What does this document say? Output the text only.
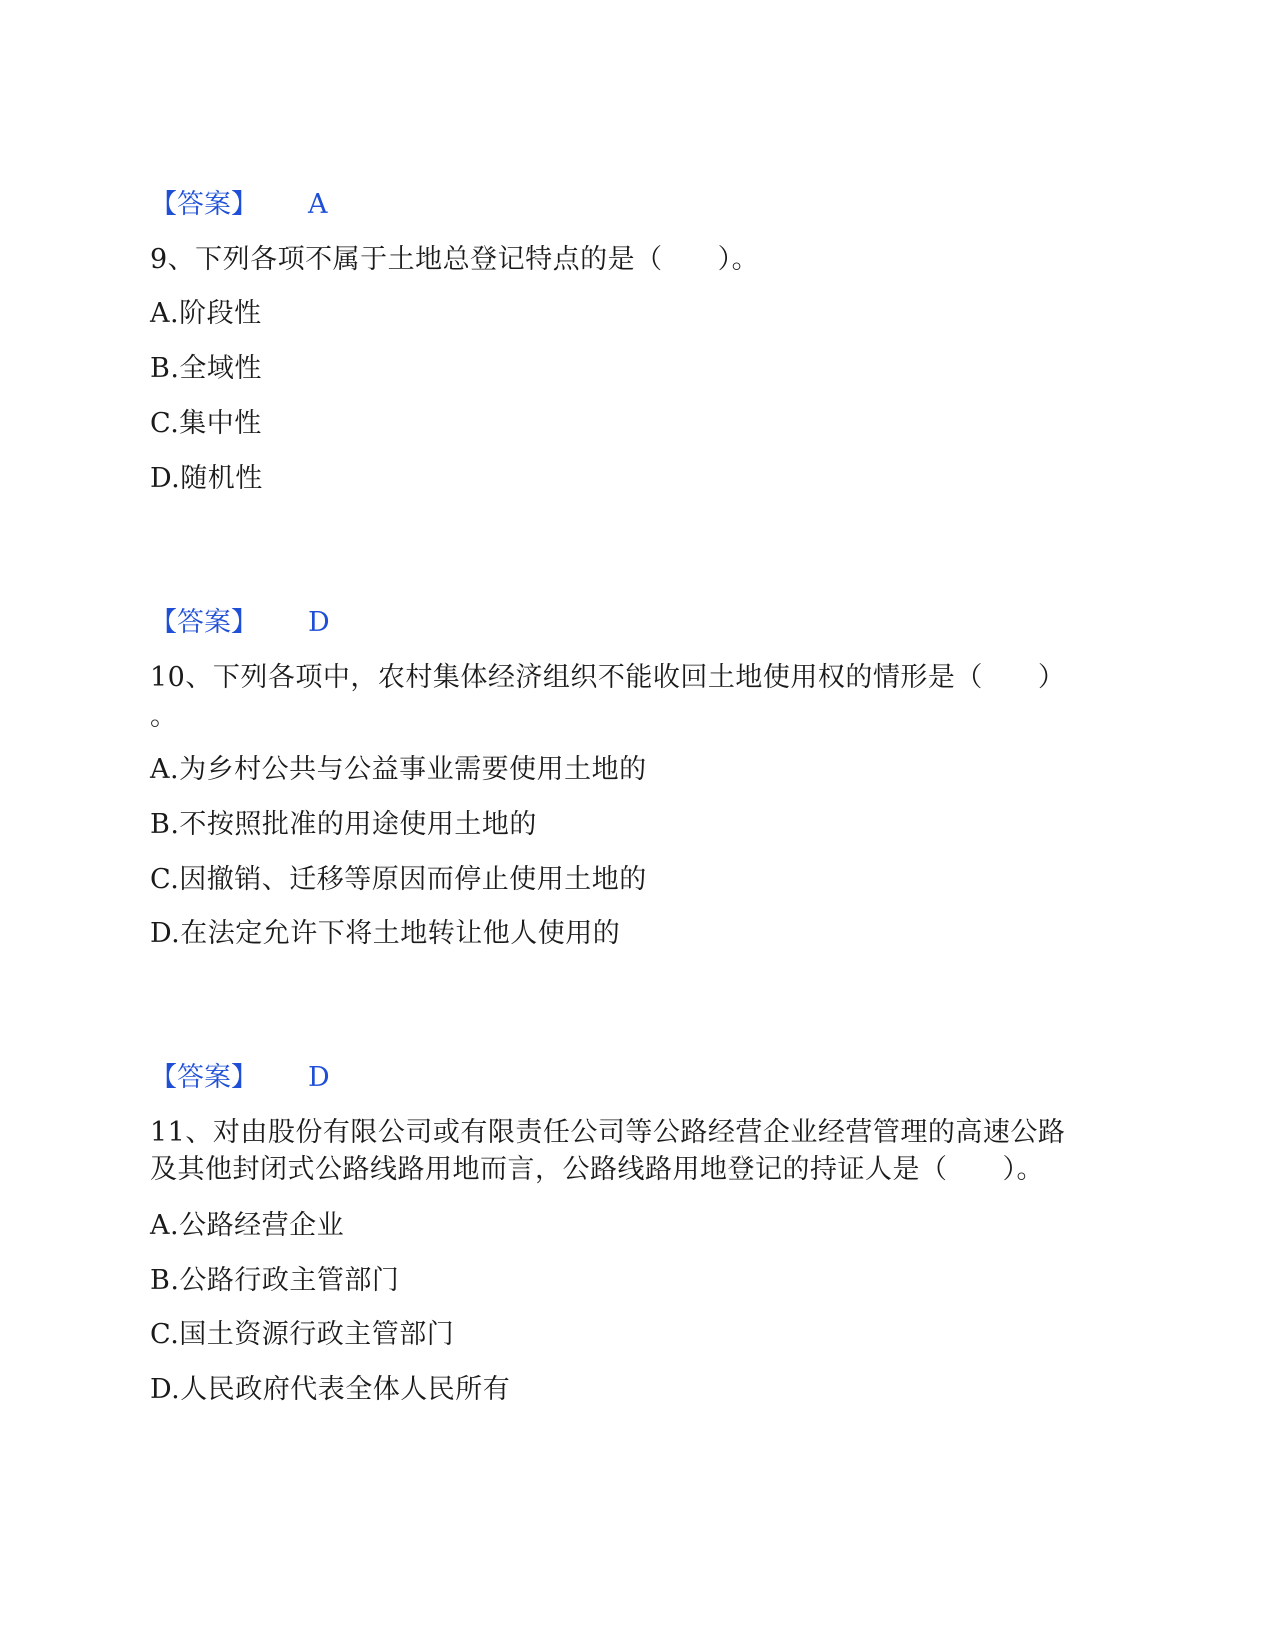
【答案】 A
9、下列各项不属于土地总登记特点的是（　　）。
A.阶段性
B.全域性
C.集中性
D.随机性
【答案】 D
10、下列各项中，农村集体经济组织不能收回土地使用权的情形是（　　）
。
A.为乡村公共与公益事业需要使用土地的
B.不按照批准的用途使用土地的
C.因撤销、迁移等原因而停止使用土地的
D.在法定允许下将土地转让他人使用的
【答案】 D
11、对由股份有限公司或有限责任公司等公路经营企业经营管理的高速公路
及其他封闭式公路线路用地而言，公路线路用地登记的持证人是（　　）。
A.公路经营企业
B.公路行政主管部门
C.国土资源行政主管部门
D.人民政府代表全体人民所有
